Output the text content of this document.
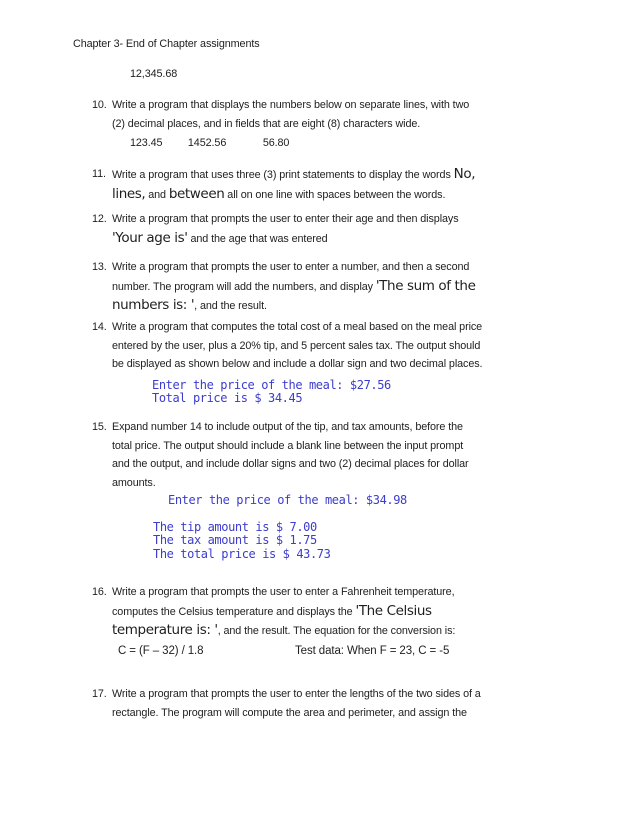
Chapter 3- End of Chapter assignments
12,345.68
10. Write a program that displays the numbers below on separate lines, with two
(2) decimal places, and in fields that are eight (8) characters wide.
123.45 1452.56	56.80
11. Write a program that uses three (3) print statements to display the words No,
lines, and between all on one line with spaces between the words.
12. Write a program that prompts the user to enter their age and then displays
'Your age is' and the age that was entered
13. Write a program that prompts the user to enter a number, and then a second
number. The program will add the numbers, and display 'The sum of the
numbers is: ', and the result.
14. Write a program that computes the total cost of a meal based on the meal price
entered by the user, plus a 20% tip, and 5 percent sales tax. The output should
be displayed as shown below and include a dollar sign and two decimal places.
Enter the price of the meal: $27.56
Total price is $ 34.45
15. Expand number 14 to include output of the tip, and tax amounts, before the
total price. The output should include a blank line between the input prompt
and the output, and include dollar signs and two (2) decimal places for dollar
amounts.
Enter the price of the meal: $34.98
The tip amount is $ 7.00
The tax amount is $ 1.75
The total price is $ 43.73
16. Write a program that prompts the user to enter a Fahrenheit temperature,
computes the Celsius temperature and displays the 'The Celsius
temperature is: ', and the result. The equation for the conversion is:
C = (F – 32) / 1.8	Test data: When F = 23, C = -5
17. Write a program that prompts the user to enter the lengths of the two sides of a
rectangle. The program will compute the area and perimeter, and assign the
